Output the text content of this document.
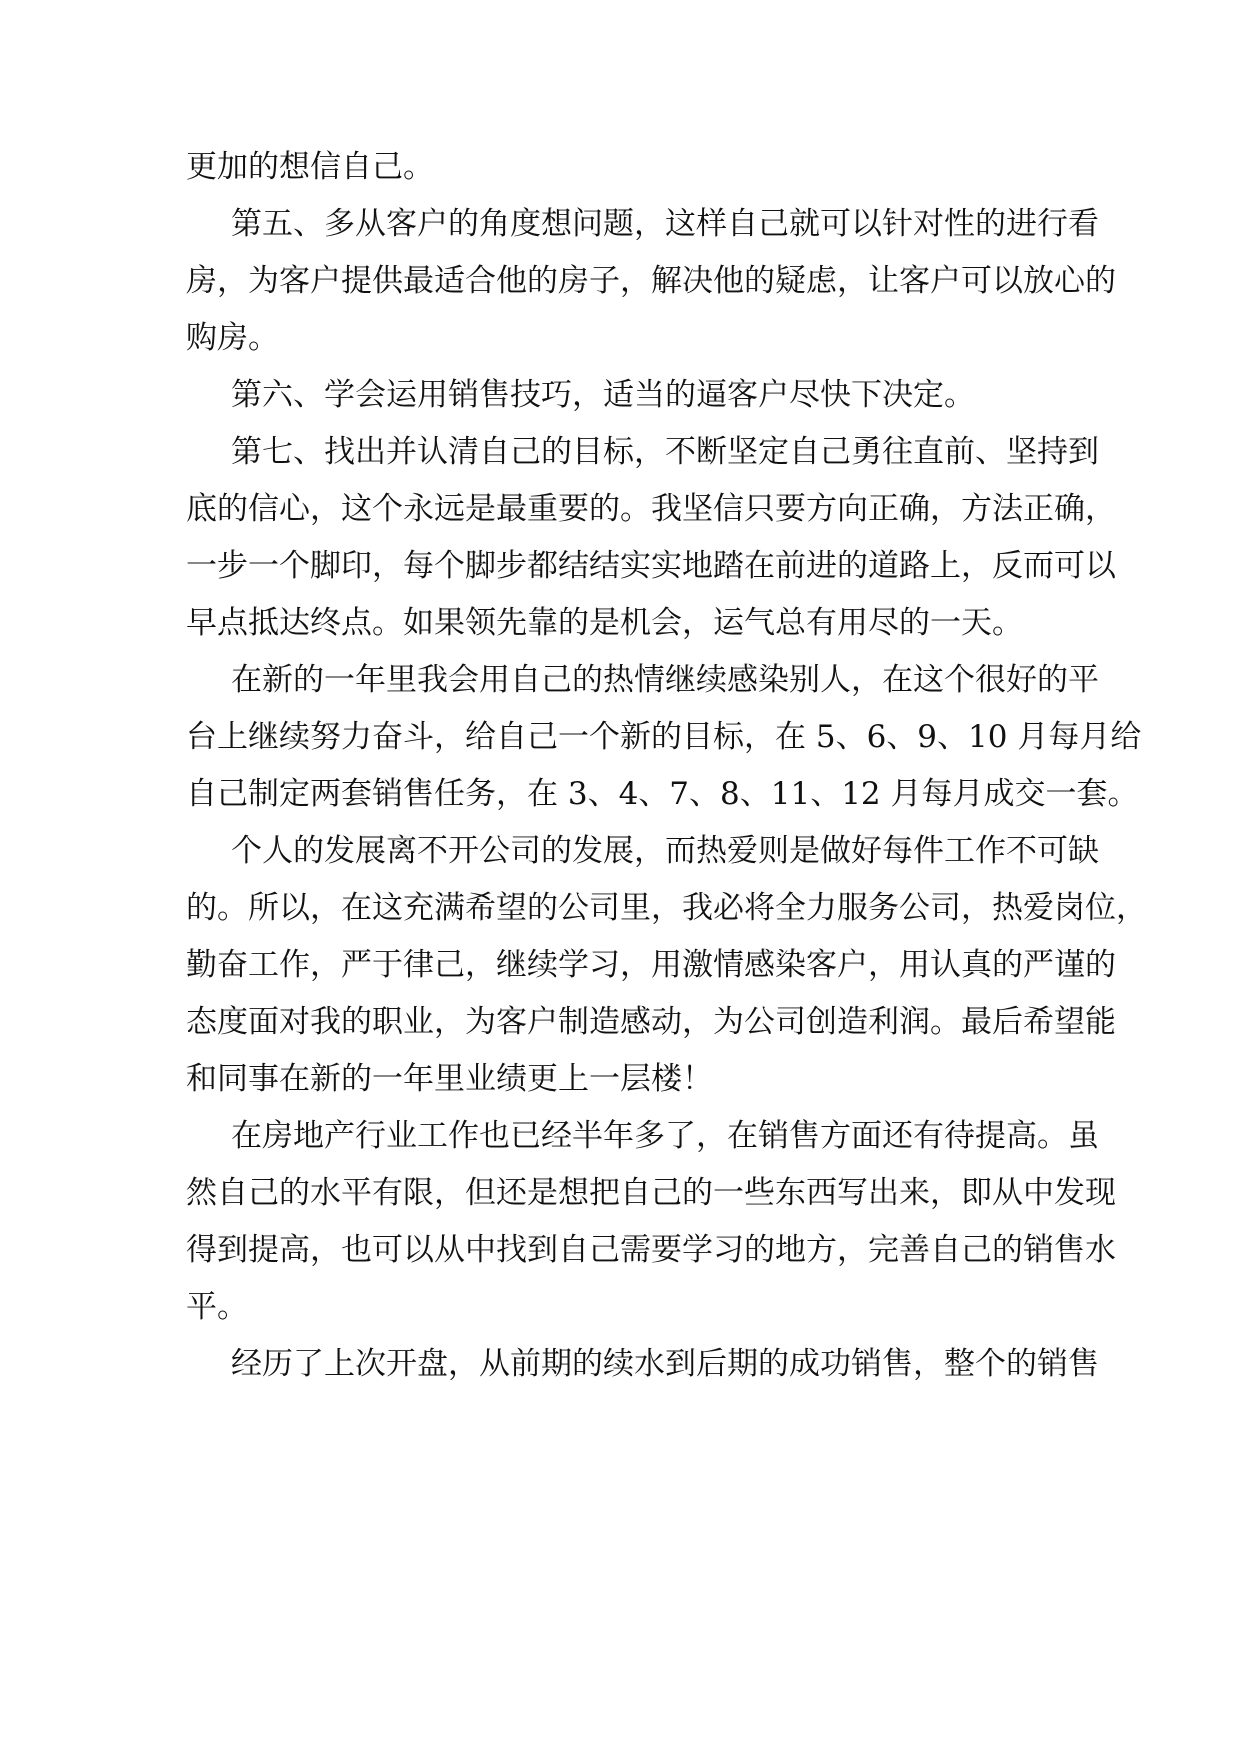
更加的想信自己。

第五、多从客户的角度想问题，这样自己就可以针对性的进行看

房，为客户提供最适合他的房子，解决他的疑虑，让客户可以放心的

购房。

第六、学会运用销售技巧，适当的逼客户尽快下决定。

第七、找出并认清自己的目标，不断坚定自己勇往直前、坚持到

底的信心，这个永远是最重要的。我坚信只要方向正确，方法正确，

一步一个脚印，每个脚步都结结实实地踏在前进的道路上，反而可以

早点抵达终点。如果领先靠的是机会，运气总有用尽的一天。

在新的一年里我会用自己的热情继续感染别人，在这个很好的平

台上继续努力奋斗，给自己一个新的目标，在 5、6、9、10 月每月给

自己制定两套销售任务，在 3、4、7、8、11、12 月每月成交一套。

个人的发展离不开公司的发展，而热爱则是做好每件工作不可缺

的。所以，在这充满希望的公司里，我必将全力服务公司，热爱岗位，

勤奋工作，严于律己，继续学习，用激情感染客户，用认真的严谨的

态度面对我的职业，为客户制造感动，为公司创造利润。最后希望能

和同事在新的一年里业绩更上一层楼！

在房地产行业工作也已经半年多了，在销售方面还有待提高。虽

然自己的水平有限，但还是想把自己的一些东西写出来，即从中发现

得到提高，也可以从中找到自己需要学习的地方，完善自己的销售水

平。

经历了上次开盘，从前期的续水到后期的成功销售，整个的销售
